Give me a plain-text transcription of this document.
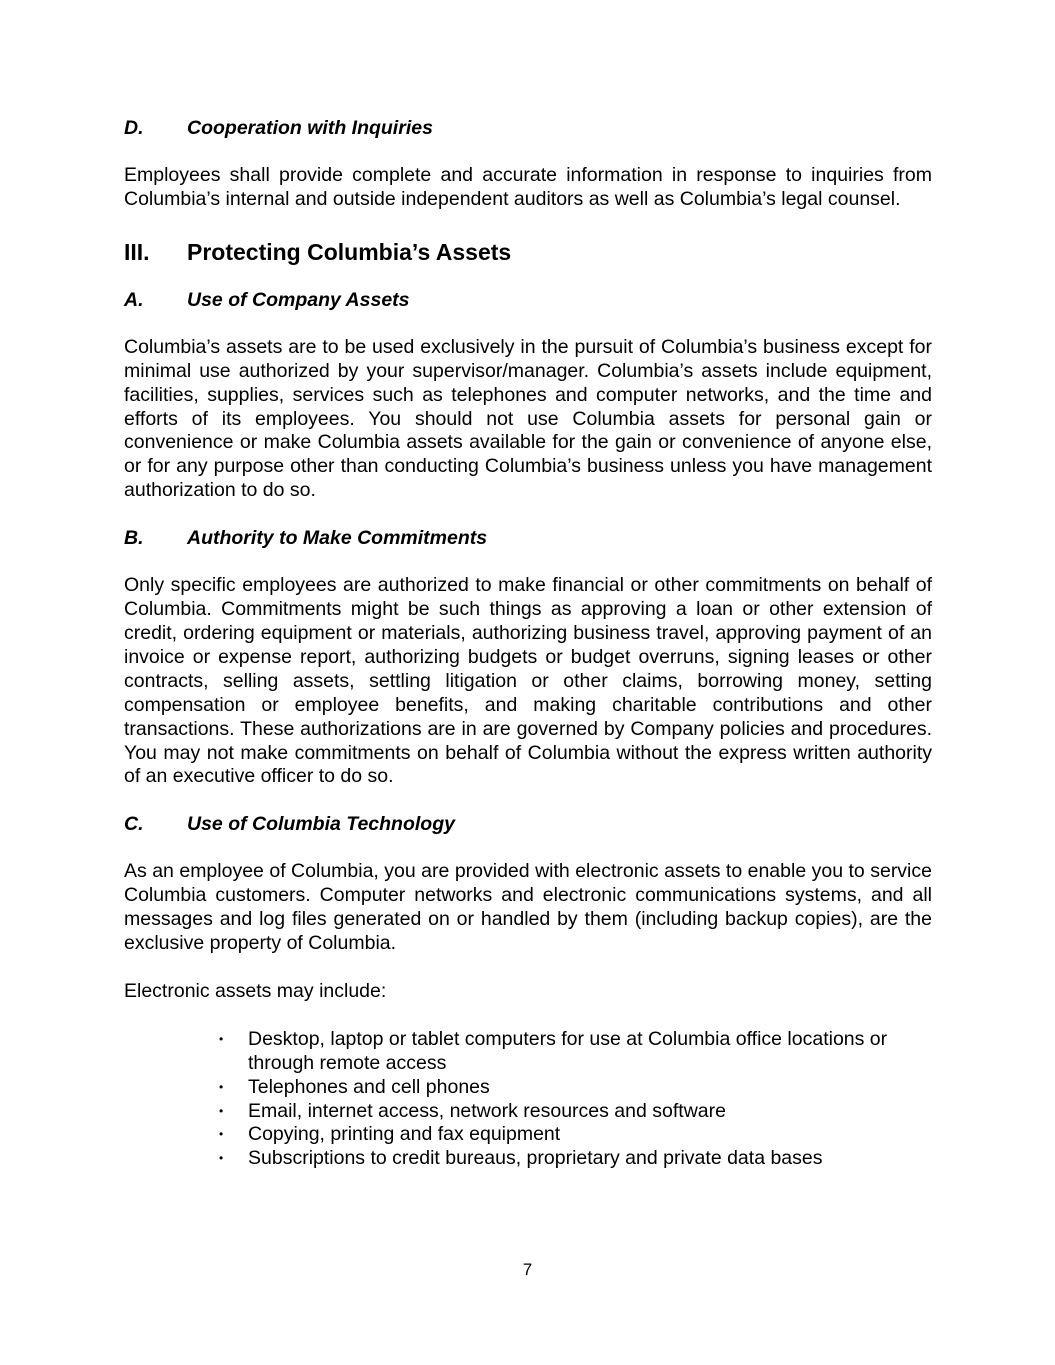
D.	Cooperation with Inquiries

Employees shall provide complete and accurate information in response to inquiries from Columbia’s internal and outside independent auditors as well as Columbia’s legal counsel.

III.	Protecting Columbia’s Assets
A.	Use of Company Assets

Columbia’s assets are to be used exclusively in the pursuit of Columbia’s business except for minimal use authorized by your supervisor/manager. Columbia’s assets include equipment, facilities, supplies, services such as telephones and computer networks, and the time and efforts of its employees. You should not use Columbia assets for personal gain or convenience or make Columbia assets available for the gain or convenience of anyone else, or for any purpose other than conducting Columbia’s business unless you have management authorization to do so.

B.	Authority to Make Commitments

Only specific employees are authorized to make financial or other commitments on behalf of Columbia. Commitments might be such things as approving a loan or other extension of credit, ordering equipment or materials, authorizing business travel, approving payment of an invoice or expense report, authorizing budgets or budget overruns, signing leases or other contracts, selling assets, settling litigation or other claims, borrowing money, setting compensation or employee benefits, and making charitable contributions and other transactions. These authorizations are in are governed by Company policies and procedures. You may not make commitments on behalf of Columbia without the express written authority of an executive officer to do so.

C.	Use of Columbia Technology

As an employee of Columbia, you are provided with electronic assets to enable you to service Columbia customers. Computer networks and electronic communications systems, and all messages and log files generated on or handled by them (including backup copies), are the exclusive property of Columbia.

Electronic assets may include:

•	Desktop, laptop or tablet computers for use at Columbia office locations or through remote access
•	Telephones and cell phones
•	Email, internet access, network resources and software
•	Copying, printing and fax equipment
•	Subscriptions to credit bureaus, proprietary and private data bases
7
